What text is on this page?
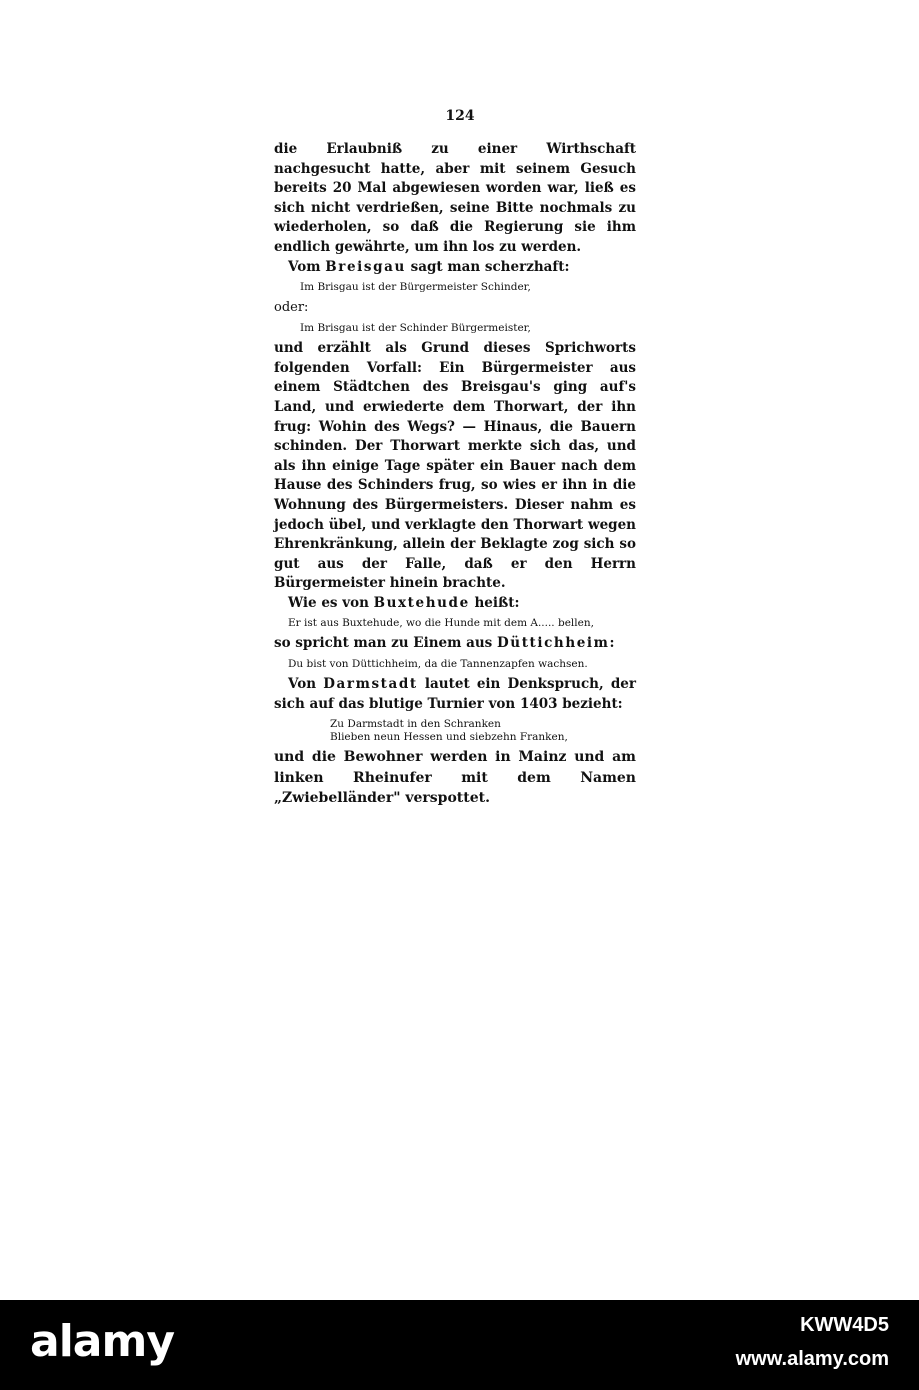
124

die Erlaubniß zu einer Wirthschaft nachgesucht hatte, aber mit seinem Gesuch bereits 20 Mal abgewiesen worden war, ließ es sich nicht verdrießen, seine Bitte nochmals zu wiederholen, so daß die Regierung sie ihm endlich gewährte, um ihn los zu werden.

Vom Breisgau sagt man scherzhaft:

Im Brisgau ist der Bürgermeister Schinder,
oder:
Im Brisgau ist der Schinder Bürgermeister,

und erzählt als Grund dieses Sprichworts folgenden Vorfall: Ein Bürgermeister aus einem Städtchen des Breisgau's ging auf's Land, und erwiederte dem Thorwart, der ihn frug: Wohin des Wegs? — Hinaus, die Bauern schinden. Der Thorwart merkte sich das, und als ihn einige Tage später ein Bauer nach dem Hause des Schinders frug, so wies er ihn in die Wohnung des Bürgermeisters. Dieser nahm es jedoch übel, und verklagte den Thorwart wegen Ehrenkränkung, allein der Beklagte zog sich so gut aus der Falle, daß er den Herrn Bürgermeister hinein brachte.

Wie es von Buxtehude heißt:

Er ist aus Buxtehude, wo die Hunde mit dem A..... bellen,

so spricht man zu Einem aus Düttichheim:

Du bist von Düttichheim, da die Tannenzapfen wachsen.

Von Darmstadt lautet ein Denkspruch, der sich auf das blutige Turnier von 1403 bezieht:

Zu Darmstadt in den Schranken
Blieben neun Hessen und siebzehn Franken,

und die Bewohner werden in Mainz und am linken Rheinufer mit dem Namen „Zwiebelländer" verspottet.

alamy	KWW4D5
www.alamy.com
